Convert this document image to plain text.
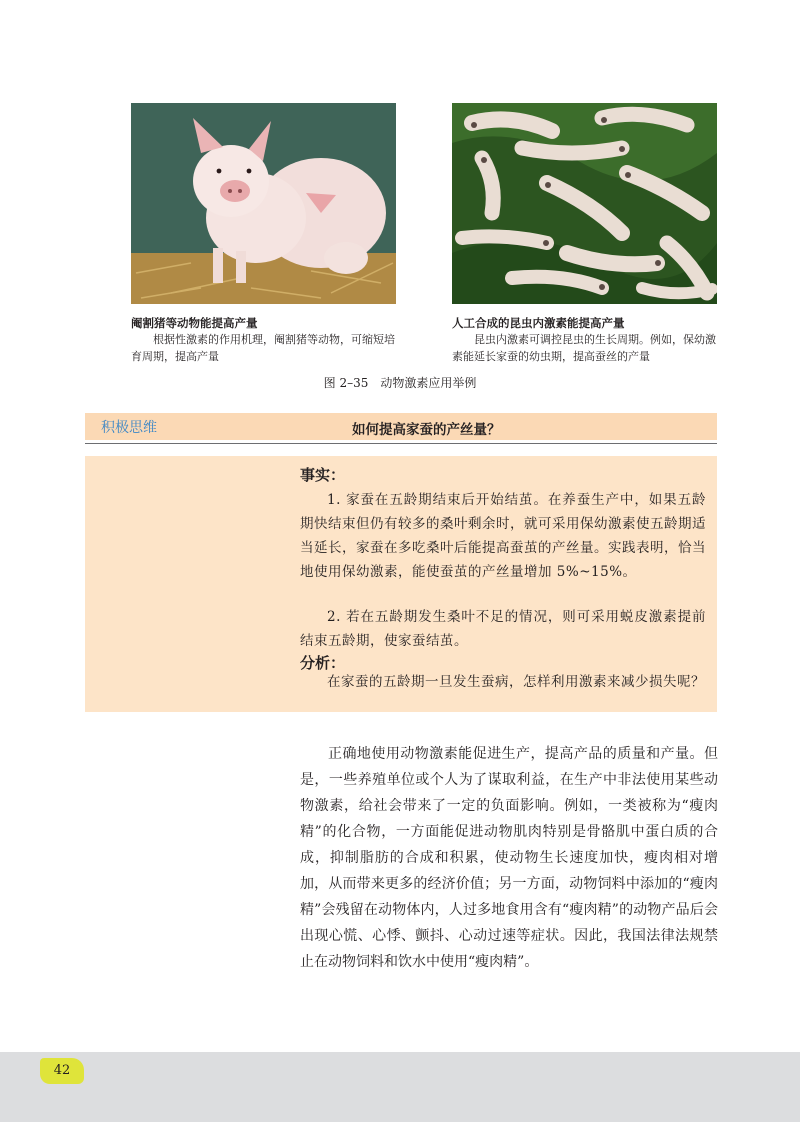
阉割猪等动物能提高产量

根据性激素的作用机理，阉割猪等动物，可缩短培育周期，提高产量

人工合成的昆虫内激素能提高产量

昆虫内激素可调控昆虫的生长周期。例如，保幼激素能延长家蚕的幼虫期，提高蚕丝的产量

图 2–35　动物激素应用举例
积极思维	如何提高家蚕的产丝量？
事实：

1. 家蚕在五龄期结束后开始结茧。在养蚕生产中，如果五龄期快结束但仍有较多的桑叶剩余时，就可采用保幼激素使五龄期适当延长，家蚕在多吃桑叶后能提高蚕茧的产丝量。实践表明，恰当地使用保幼激素，能使蚕茧的产丝量增加 5%~15%。

2. 若在五龄期发生桑叶不足的情况，则可采用蜕皮激素提前结束五龄期，使家蚕结茧。

分析：

在家蚕的五龄期一旦发生蚕病，怎样利用激素来减少损失呢？

正确地使用动物激素能促进生产，提高产品的质量和产量。但是，一些养殖单位或个人为了谋取利益，在生产中非法使用某些动物激素，给社会带来了一定的负面影响。例如，一类被称为“瘦肉精”的化合物，一方面能促进动物肌肉特别是骨骼肌中蛋白质的合成，抑制脂肪的合成和积累，使动物生长速度加快，瘦肉相对增加，从而带来更多的经济价值；另一方面，动物饲料中添加的“瘦肉精”会残留在动物体内，人过多地食用含有“瘦肉精”的动物产品后会出现心慌、心悸、颤抖、心动过速等症状。因此，我国法律法规禁止在动物饲料和饮水中使用“瘦肉精”。

42
